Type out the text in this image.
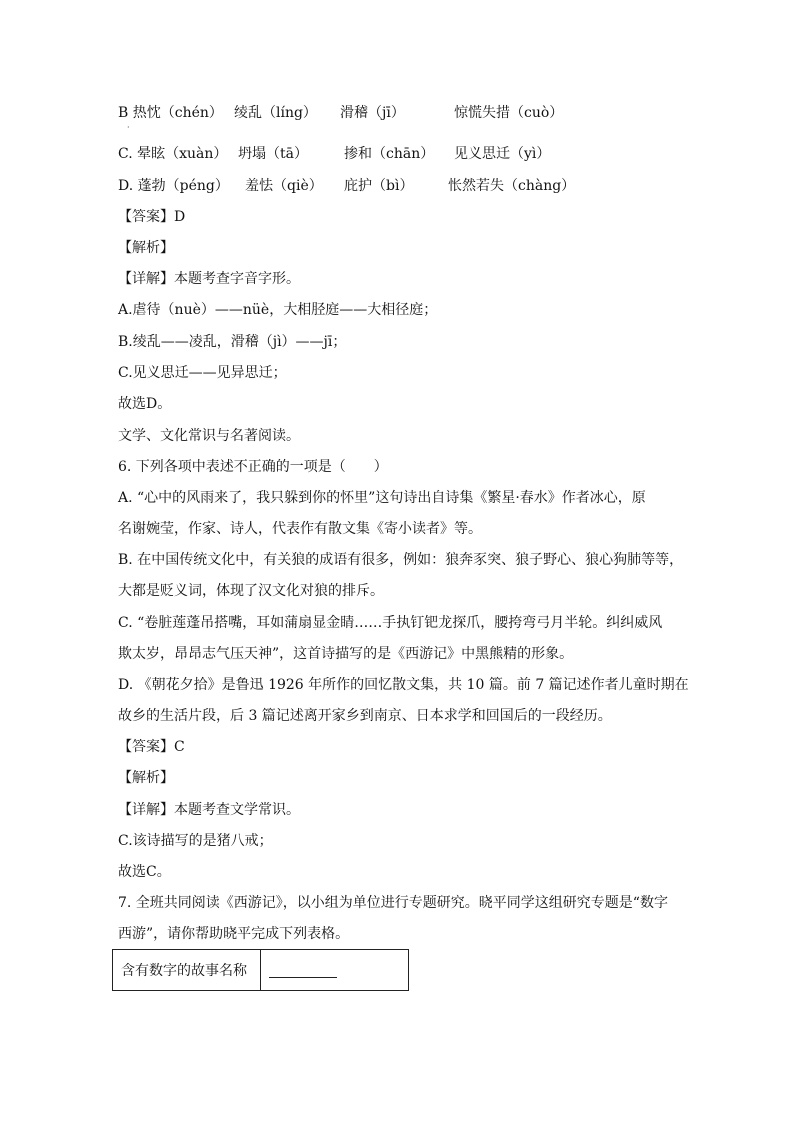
B 热忱（chén） 绫乱（líng） 滑稽（jī）	惊慌失措（cuò）
·
C. 晕眩（xuàn） 坍塌（tā）	掺和（chān） 见义思迁（yì）
D. 蓬勃（péng） 羞怯（qiè） 庇护（bì） 怅然若失（chàng）
【答案】D
【解析】
【详解】本题考查字音字形。
A.虐待（nuè）——nüè，大相胫庭——大相径庭；
B.绫乱——凌乱，滑稽（jì）——jī；
C.见义思迁——见异思迁；
故选D。
文学、文化常识与名著阅读。
6. 下列各项中表述不正确的一项是（　　）
A. “心中的风雨来了，我只躲到你的怀里”这句诗出自诗集《繁星·春水》作者冰心，原
名谢婉莹，作家、诗人，代表作有散文集《寄小读者》等。
B. 在中国传统文化中，有关狼的成语有很多，例如：狼奔豕突、狼子野心、狼心狗肺等等，
大都是贬义词，体现了汉文化对狼的排斥。
C. “卷脏莲蓬吊搭嘴，耳如蒲扇显金睛……手执钉钯龙探爪，腰挎弯弓月半轮。纠纠威风
欺太岁，昂昂志气压天神”，这首诗描写的是《西游记》中黑熊精的形象。
D. 《朝花夕拾》是鲁迅 1926 年所作的回忆散文集，共 10 篇。前 7 篇记述作者儿童时期在
故乡的生活片段，后 3 篇记述离开家乡到南京、日本求学和回国后的一段经历。
【答案】C
【解析】
【详解】本题考查文学常识。
C.该诗描写的是猪八戒；
故选C。
7. 全班共同阅读《西游记》，以小组为单位进行专题研究。晓平同学这组研究专题是“数字
西游”，请你帮助晓平完成下列表格。
含有数字的故事名称	
